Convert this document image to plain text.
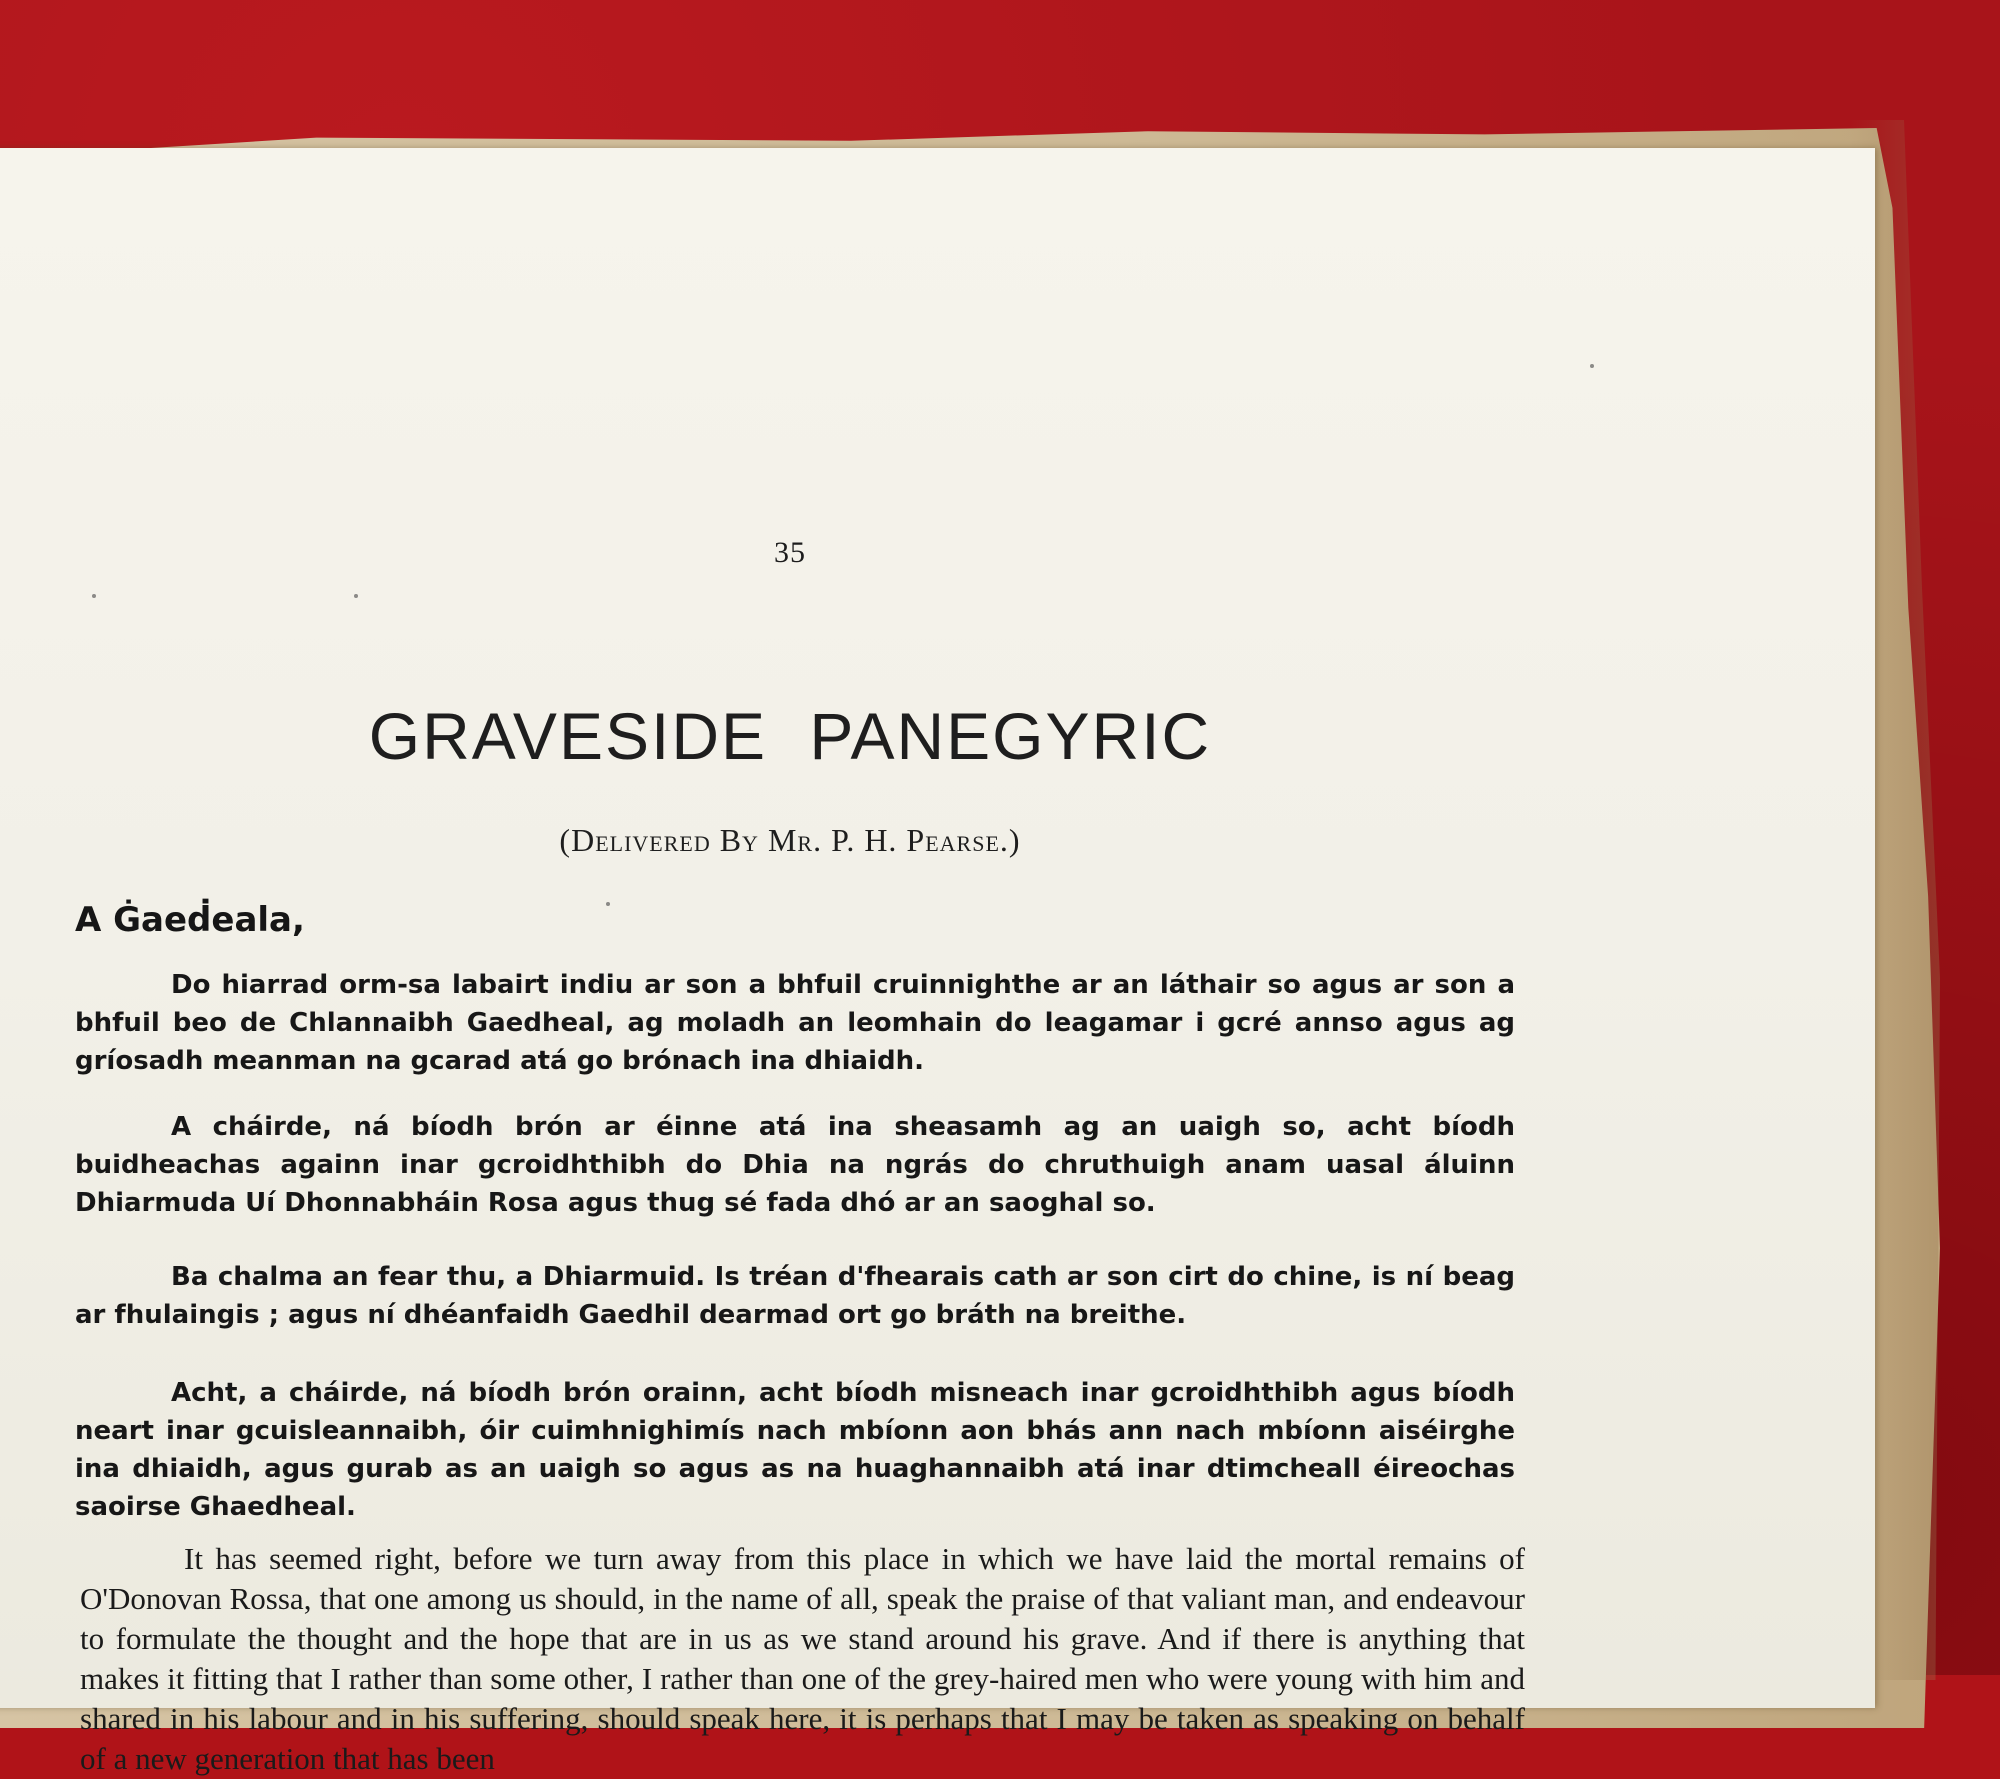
35
GRAVESIDE PANEGYRIC
(Delivered By Mr. P. H. Pearse.)
A Ġaeḋeala,

Do hiarrad orm-sa labairt indiu ar son a bhfuil cruinnighthe ar an láthair so agus ar son a bhfuil beo de Chlannaibh Gaedheal, ag moladh an leomhain do leagamar i gcré annso agus ag gríosadh meanman na gcarad atá go brónach ina dhiaidh.

A cháirde, ná bíodh brón ar éinne atá ina sheasamh ag an uaigh so, acht bíodh buidheachas againn inar gcroidhthibh do Dhia na ngrás do chruthuigh anam uasal áluinn Dhiarmuda Uí Dhonnabháin Rosa agus thug sé fada dhó ar an saoghal so.

Ba chalma an fear thu, a Dhiarmuid. Is tréan d'fhearais cath ar son cirt do chine, is ní beag ar fhulaingis ; agus ní dhéanfaidh Gaedhil dearmad ort go bráth na breithe.

Acht, a cháirde, ná bíodh brón orainn, acht bíodh misneach inar gcroidhthibh agus bíodh neart inar gcuisleannaibh, óir cuimhnighimís nach mbíonn aon bhás ann nach mbíonn aiséirghe ina dhiaidh, agus gurab as an uaigh so agus as na huaghannaibh atá inar dtimcheall éireochas saoirse Ghaedheal.

It has seemed right, before we turn away from this place in which we have laid the mortal remains of O'Donovan Rossa, that one among us should, in the name of all, speak the praise of that valiant man, and endeavour to formulate the thought and the hope that are in us as we stand around his grave. And if there is anything that makes it fitting that I rather than some other, I rather than one of the grey-haired men who were young with him and shared in his labour and in his suffering, should speak here, it is perhaps that I may be taken as speaking on behalf of a new generation that has been
